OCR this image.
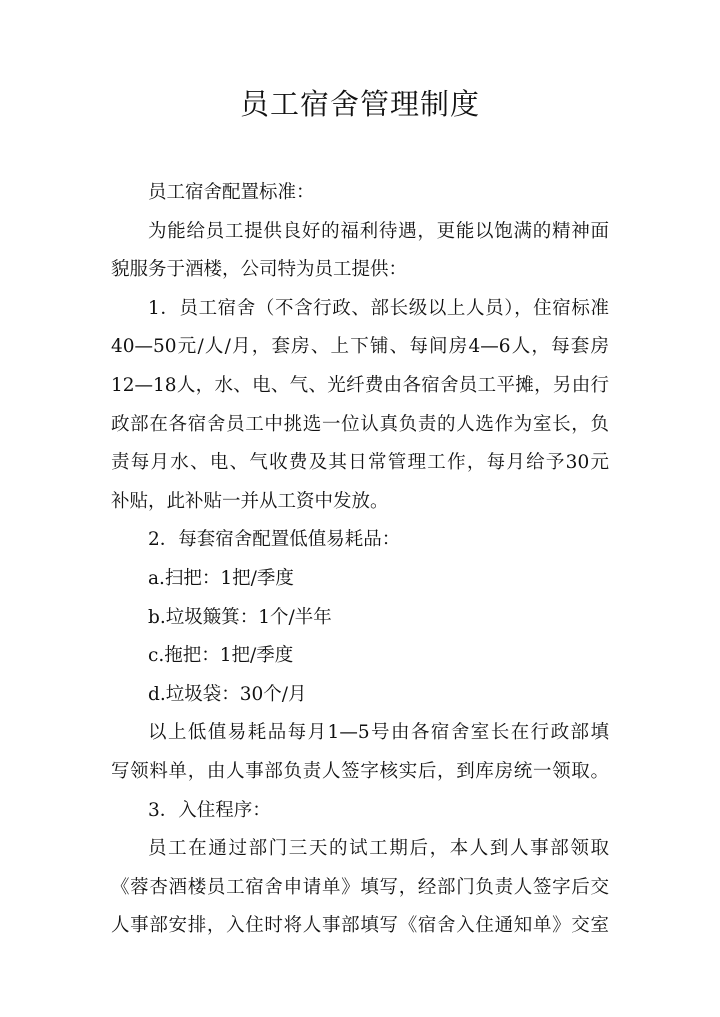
员工宿舍管理制度
员工宿舍配置标准：
为能给员工提供良好的福利待遇，更能以饱满的精神面
貌服务于酒楼，公司特为员工提供：
1．员工宿舍（不含行政、部长级以上人员），住宿标准
40—50元/人/月，套房、上下铺、每间房4—6人，每套房
12—18人，水、电、气、光纤费由各宿舍员工平摊，另由行
政部在各宿舍员工中挑选一位认真负责的人选作为室长，负
责每月水、电、气收费及其日常管理工作，每月给予30元
补贴，此补贴一并从工资中发放。
2．每套宿舍配置低值易耗品：
a.扫把：1把/季度
b.垃圾簸箕：1个/半年
c.拖把：1把/季度
d.垃圾袋：30个/月
以上低值易耗品每月1—5号由各宿舍室长在行政部填
写领料单，由人事部负责人签字核实后，到库房统一领取。
3．入住程序：
员工在通过部门三天的试工期后，本人到人事部领取
《蓉杏酒楼员工宿舍申请单》填写，经部门负责人签字后交
人事部安排，入住时将人事部填写《宿舍入住通知单》交室
